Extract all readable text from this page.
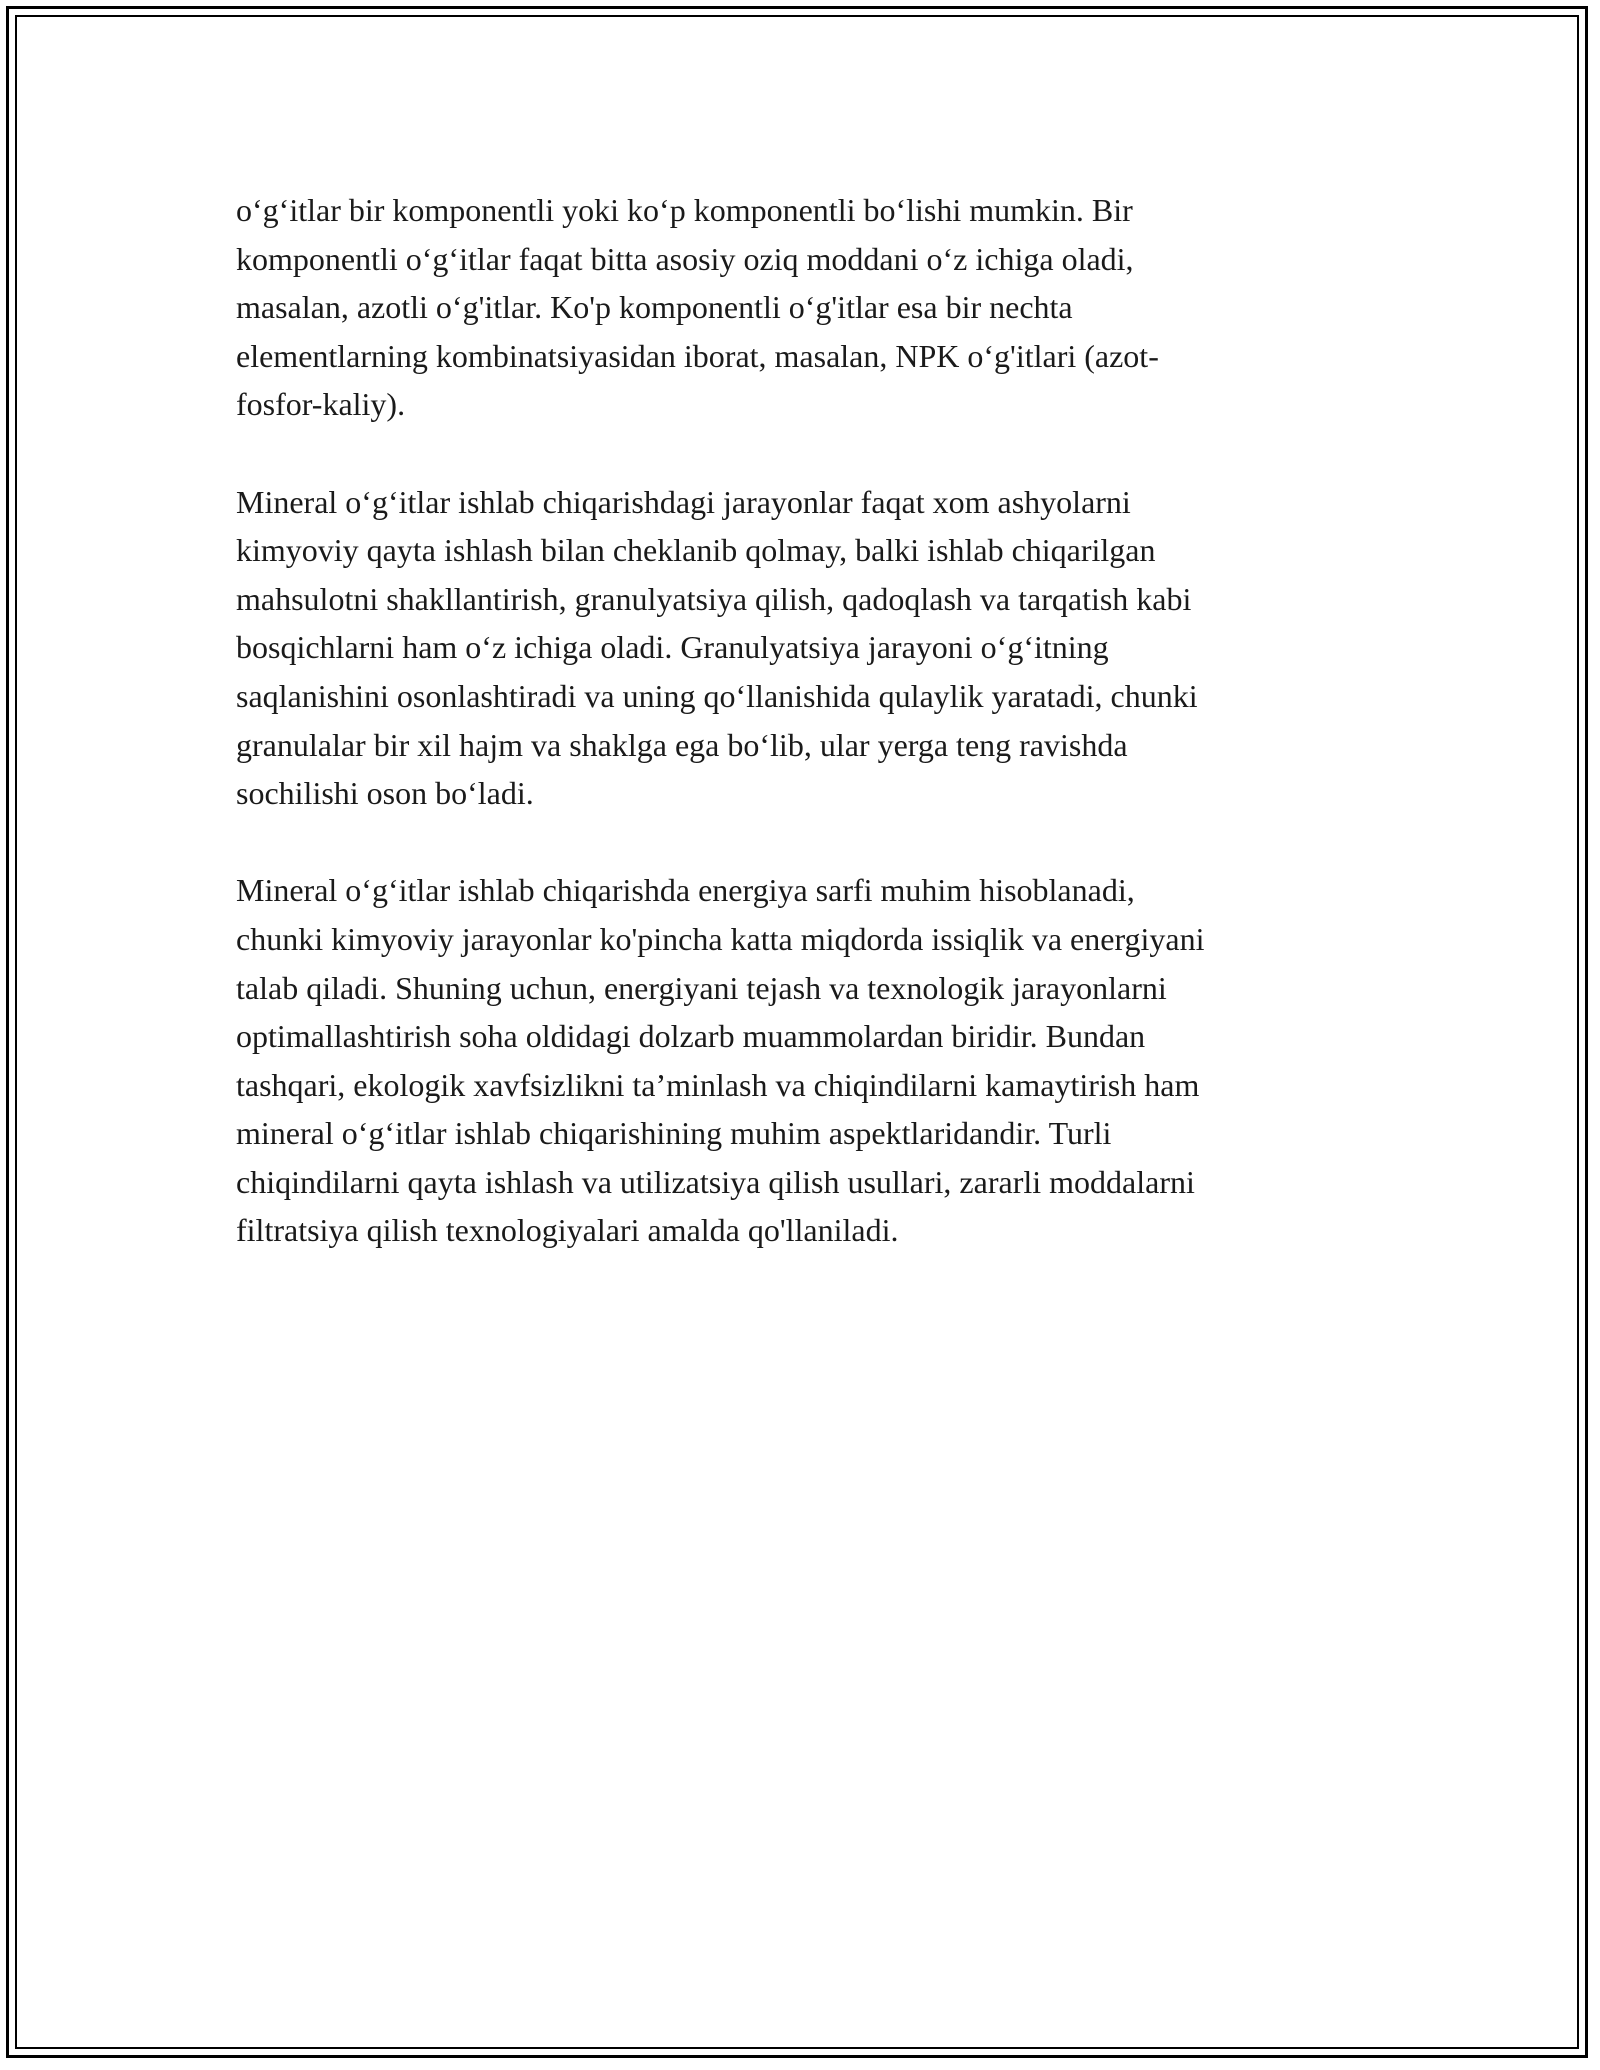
o‘g‘itlar bir komponentli yoki ko‘p komponentli bo‘lishi mumkin. Bir
komponentli o‘g‘itlar faqat bitta asosiy oziq moddani o‘z ichiga oladi,
masalan, azotli o‘g'itlar. Ko'p komponentli o‘g'itlar esa bir nechta
elementlarning kombinatsiyasidan iborat, masalan, NPK o‘g'itlari (azot-
fosfor-kaliy).

Mineral o‘g‘itlar ishlab chiqarishdagi jarayonlar faqat xom ashyolarni
kimyoviy qayta ishlash bilan cheklanib qolmay, balki ishlab chiqarilgan
mahsulotni shakllantirish, granulyatsiya qilish, qadoqlash va tarqatish kabi
bosqichlarni ham o‘z ichiga oladi. Granulyatsiya jarayoni o‘g‘itning
saqlanishini osonlashtiradi va uning qo‘llanishida qulaylik yaratadi, chunki
granulalar bir xil hajm va shaklga ega bo‘lib, ular yerga teng ravishda
sochilishi oson bo‘ladi.

Mineral o‘g‘itlar ishlab chiqarishda energiya sarfi muhim hisoblanadi,
chunki kimyoviy jarayonlar ko'pincha katta miqdorda issiqlik va energiyani
talab qiladi. Shuning uchun, energiyani tejash va texnologik jarayonlarni
optimallashtirish soha oldidagi dolzarb muammolardan biridir. Bundan
tashqari, ekologik xavfsizlikni ta’minlash va chiqindilarni kamaytirish ham
mineral o‘g‘itlar ishlab chiqarishining muhim aspektlaridandir. Turli
chiqindilarni qayta ishlash va utilizatsiya qilish usullari, zararli moddalarni
filtratsiya qilish texnologiyalari amalda qo'llaniladi.
